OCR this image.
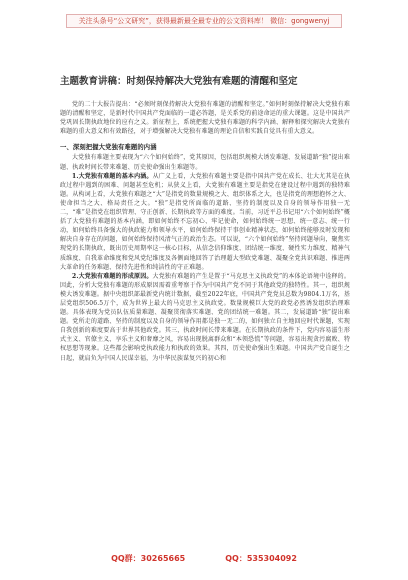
关注头条号“公文研究”，获得最新最全最专业的公文资料库！ 微信：gongwenyj
主题教育讲稿：时刻保持解决大党独有难题的清醒和坚定

党的二十大报告提出：“必须时刻保持解决大党独有难题的清醒和坚定。”如何时刻保持解决大党独有难题的清醒和坚定，是新时代中国共产党面临的一道必答题，是关系党的前途命运的重大课题。这是中国共产党巩固长期执政地位的应有之义。新征程上，系统把握大党独有难题的科学内涵、解释和探究解决大党独有难题的重大意义和有效路径，对于增强解决大党独有难题的理论自信和实践自觉具有重大意义。

一、深刻把握大党独有难题的内涵

大党独有难题主要表现为“六个如何始终”，党其原因，包括组织规模大诱发难题、发展道路“独”提出难题、执政时间长带来难题、历史使命强出生难题等。

1.大党独有难题的基本内涵。从广义上看，大党独有难题主要是指中国共产党在成长、壮大尤其是在执政过程中遇到的困难、问题甚至危机；从狭义上看，大党独有难题主要是指党在建设过程中遇到的独特难题。从构词上看，大党独有难题之“大”是指党的数量规模之大、组织体系之大，也是指党的理想抱怀之大、使命担当之大、格局责任之大。“独”是指党所面临的道路、坚持的制度以及自身的领导作用独一无二，“难”是指党在组织管理、守正创新、长期执政等方面的难度。当前，习近平总书记用“六个如何始终”概括了大党独有难题的基本内涵，即如何始终不忘初心、牢记使命，如何始终统一思想、统一意志、统一行动，如何始终具备强大的执政能力和领导水平，如何始终保持干事创业精神状态，如何始终能够及时发现和解决自身存在的问题，如何始终保持风清气正的政治生态。可以说，“六个如何始终”坚持问题导向，聚焦实现党的长期执政，既出历史周期率这一核心目标，从信念信仰维度、团结统一维度、硬性实力维度、精神气质维度、自我革命维度和党风党纪维度及各侧面地回答了治理超大型政党难题、凝聚全党共识难题、推进两大革命的任务难题、保持先进性和纯洁性的守正难题。

2.大党独有难题的形成原因。大党独有难题的产生是置于“马克思主义执政党”的本体论语境中诠释的。因此，分析大党独有难题的形成原因需着重考察于作为中国共产党不同于其他政党的独特性。其一，组织规模大诱发难题。据中央组织部最新党内统计数据，截至2022年底，中国共产党党员总数为9804.1万名，基层党组织506.5万个，成为世界上最大的马克思主义执政党。数量规模巨大党的政党必然诱发组织治理难题。具体表现为党员队伍质量难题、凝聚贯彻落实难题、党的团结统一难题。其二，发展道路“独”提出难题。党所走的道路、坚持的制度以及自身的领导作用都是独一无二的，如何独立自主地回应时代课题，实现自我创新的难度要高于世界其他政党。其三，执政时间长带来难题。在长期执政的条件下，党内容易滋生形式主义、官僚主义、享乐主义和奢靡之风，容易出现脱离群众和“本领恐慌”等问题，容易出现贪污腐败、特权思想等现象。这些都会影响党执政能力和执政的效果。其四，历史使命强出生难题。中国共产党自诞生之日起，就肩负为中国人民谋幸福，为中华民族谋复兴的初心和

QQ群：30265665	QQ：535304092
